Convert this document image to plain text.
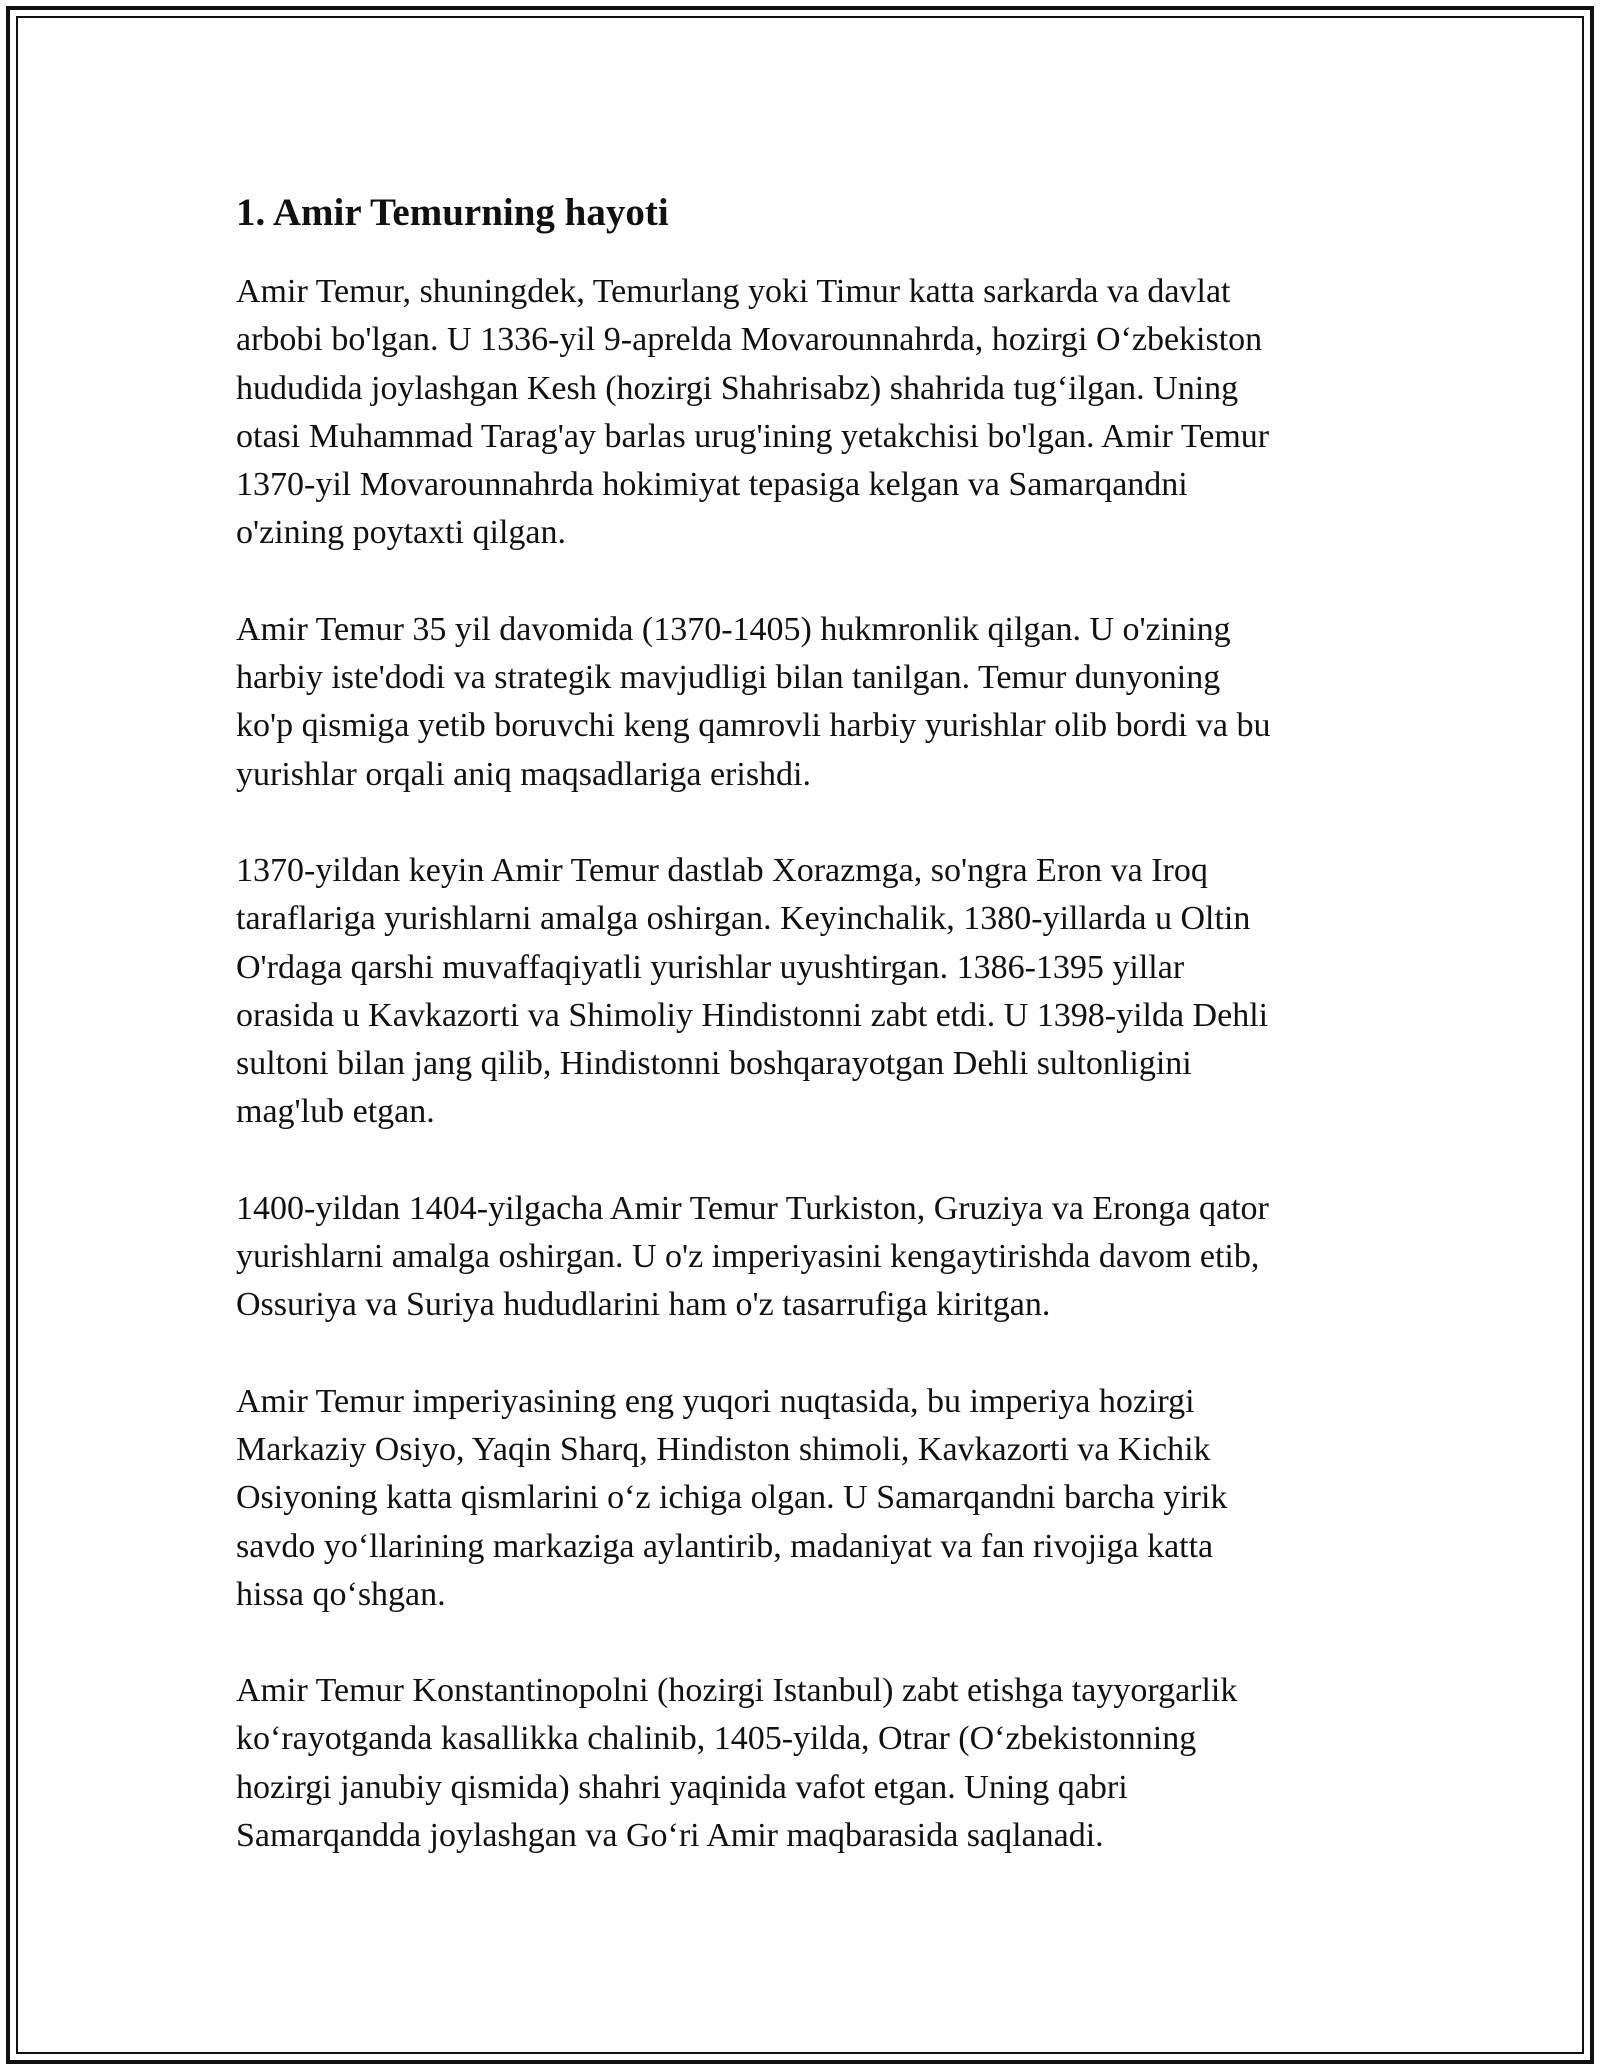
1. Amir Temurning hayoti

Amir Temur, shuningdek, Temurlang yoki Timur katta sarkarda va davlat
arbobi bo'lgan. U 1336-yil 9-aprelda Movarounnahrda, hozirgi O‘zbekiston
hududida joylashgan Kesh (hozirgi Shahrisabz) shahrida tug‘ilgan. Uning
otasi Muhammad Tarag'ay barlas urug'ining yetakchisi bo'lgan. Amir Temur
1370-yil Movarounnahrda hokimiyat tepasiga kelgan va Samarqandni
o'zining poytaxti qilgan.

Amir Temur 35 yil davomida (1370-1405) hukmronlik qilgan. U o'zining
harbiy iste'dodi va strategik mavjudligi bilan tanilgan. Temur dunyoning
ko'p qismiga yetib boruvchi keng qamrovli harbiy yurishlar olib bordi va bu
yurishlar orqali aniq maqsadlariga erishdi.

1370-yildan keyin Amir Temur dastlab Xorazmga, so'ngra Eron va Iroq
taraflariga yurishlarni amalga oshirgan. Keyinchalik, 1380-yillarda u Oltin
O'rdaga qarshi muvaffaqiyatli yurishlar uyushtirgan. 1386-1395 yillar
orasida u Kavkazorti va Shimoliy Hindistonni zabt etdi. U 1398-yilda Dehli
sultoni bilan jang qilib, Hindistonni boshqarayotgan Dehli sultonligini
mag'lub etgan.

1400-yildan 1404-yilgacha Amir Temur Turkiston, Gruziya va Eronga qator
yurishlarni amalga oshirgan. U o'z imperiyasini kengaytirishda davom etib,
Ossuriya va Suriya hududlarini ham o'z tasarrufiga kiritgan.

Amir Temur imperiyasining eng yuqori nuqtasida, bu imperiya hozirgi
Markaziy Osiyo, Yaqin Sharq, Hindiston shimoli, Kavkazorti va Kichik
Osiyoning katta qismlarini o‘z ichiga olgan. U Samarqandni barcha yirik
savdo yo‘llarining markaziga aylantirib, madaniyat va fan rivojiga katta
hissa qo‘shgan.

Amir Temur Konstantinopolni (hozirgi Istanbul) zabt etishga tayyorgarlik
ko‘rayotganda kasallikka chalinib, 1405-yilda, Otrar (O‘zbekistonning
hozirgi janubiy qismida) shahri yaqinida vafot etgan. Uning qabri
Samarqandda joylashgan va Go‘ri Amir maqbarasida saqlanadi.
